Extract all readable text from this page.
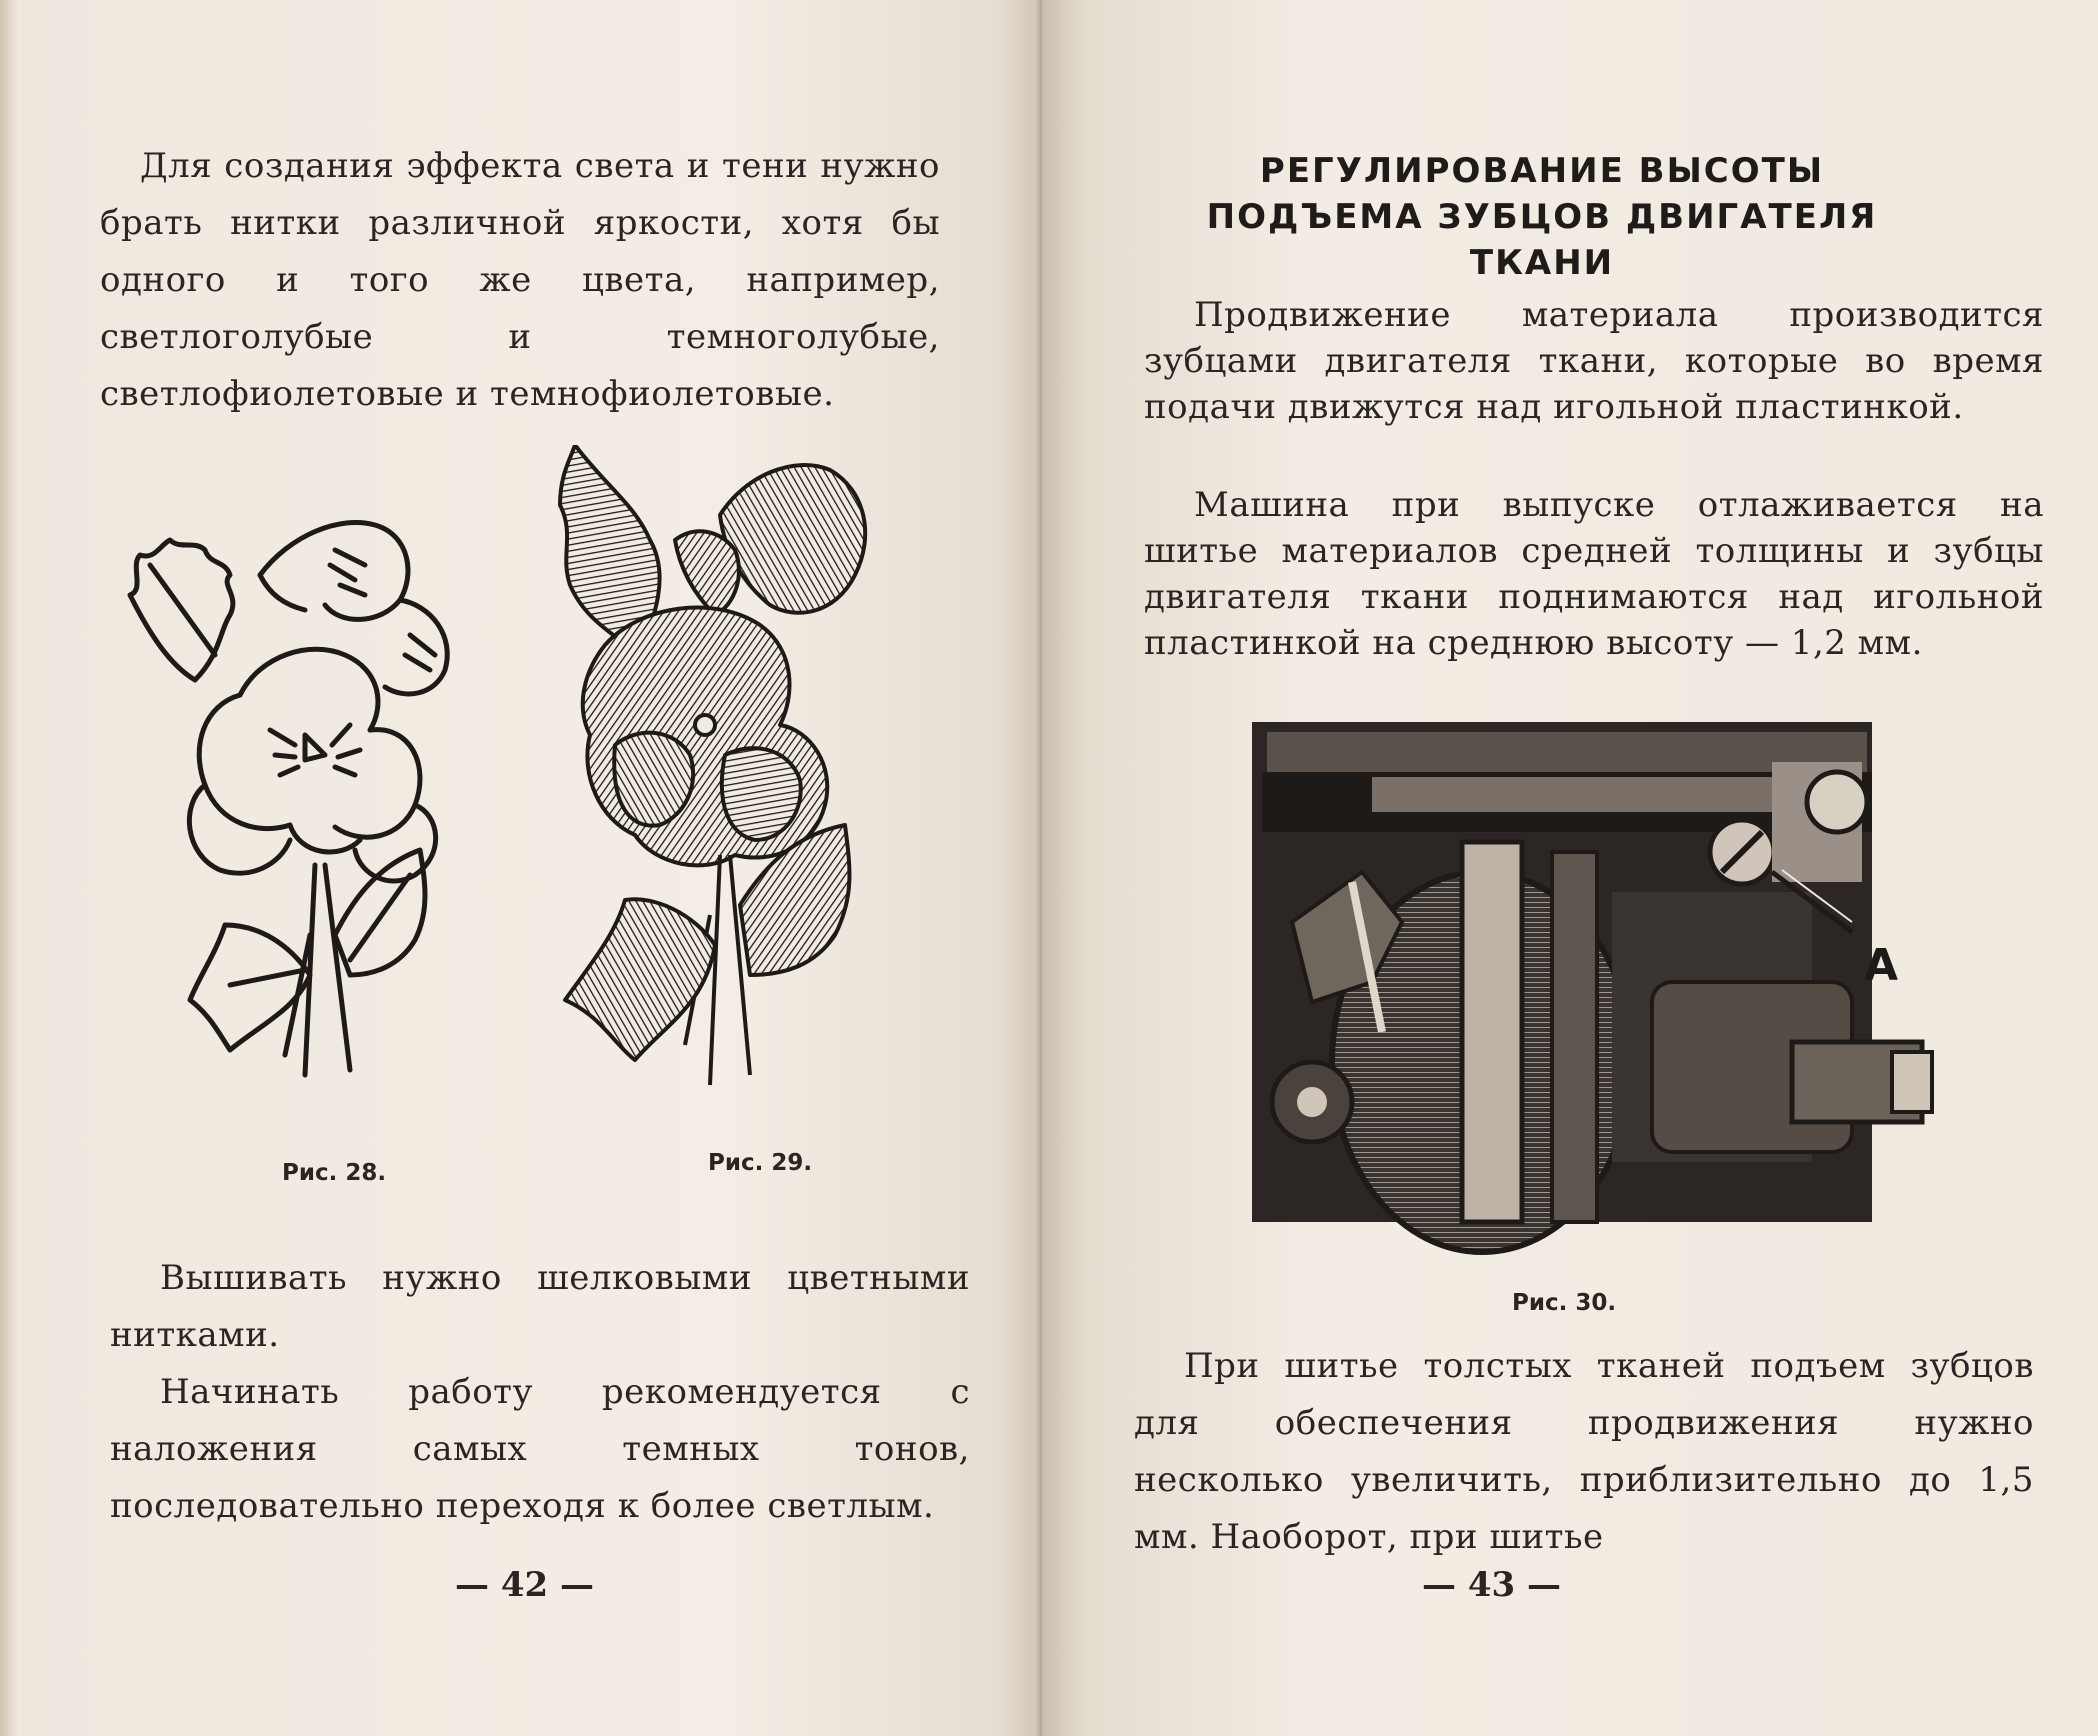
Для создания эффекта света и тени нужно брать нитки различной яркости, хотя бы одного и того же цвета, например, светлоголубые и темноголубые, светлофиолетовые и темнофиолетовые.

Рис. 28.	Рис. 29.

Вышивать нужно шелковыми цветными нитками.

Начинать работу рекомендуется с наложения самых темных тонов, последовательно переходя к более светлым.

— 42 —
РЕГУЛИРОВАНИЕ ВЫСОТЫ ПОДЪЕМА ЗУБЦОВ ДВИГАТЕЛЯ ТКАНИ

Продвижение материала производится зубцами двигателя ткани, которые во время подачи движутся над игольной пластинкой.

Машина при выпуске отлаживается на шитье материалов средней толщины и зубцы двигателя ткани поднимаются над игольной пластинкой на среднюю высоту — 1,2 мм.

А
Рис. 30.

При шитье толстых тканей подъем зубцов для обеспечения продвижения нужно несколько увеличить, приблизительно до 1,5 мм. Наоборот, при шитье

— 43 —
